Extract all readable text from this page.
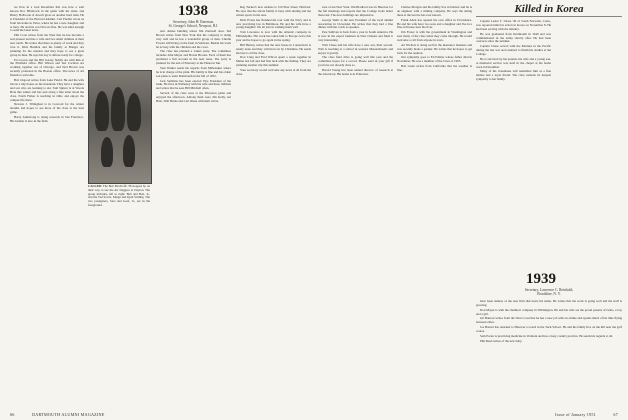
we flew in a load December this was how a well known Doc Hitchcock in the game with his sister, and Henry Holbrook of Atwell gives us another hard item. He is President of the Harvard Alumni. Carl Fiedler wrote us from his home in Tulsa, where he has a new daughter and is busy. He and his son Ned are fine. He was kind enough to send the latest news.

Phil Coon writes from the West that he has become a real pioneer and has a wife and two small children at their new ranch. He writes that there is plenty of work and they love it. Dick Burdick and his family at Bangor are planning for the reunion and they hope to see a great group in June. He says his boy is almost ready for college.

Ed Cowen and the Bill Garrey family are with him at the Pittsfield office. Bill Wilson and Ted Cochran are working together out of Chicago, and Ned Brown was recently promoted in the Boston office. The news of old friends is welcome.

Bob Osgood writes from Lake Placid. He and his wife live in a tiny house on the mountain. They have a daughter and son who are learning to ski. Tom Spitzer is at Woods Hole this winter and has sent along a fine letter about the class. Norm Fisher is teaching in Ohio and enjoys the campus life there.

Newton J. Tillinghast is in Concord for the winter months and hopes to see more of the class at the next game.

Harry Armstrong is doing research in San Francisco. His brother is also in the field.

1938
Secretary, John H. Emerson,
St. George's School, Newport, R.I.
CALLED: The Bob Barchoffs '38 stopped by on their way to see the Air Daggers at Dayton. The group includes, left to right: Bob and Bob, Jr., and the Tad Scotts, Marge and Kjell Stirling. The two youngsters, Sara and Geof, Jr., are in the foreground.

new deluxe building where Jim Zantwell does. Ted Brown writes from New York that his company is doing very well and he has a wonderful group of men. Charlie Fowler still living on the farm in Vermont. Beside his work he is busy with the children and the cows.

The class has planned a winter party. The committee includes John Meyer and Howie Brooks. Each of them has promised a full account in the next issue. The party is planned for the end of February at the Hanover Inn.

Stan Walker sends his regards from Milwaukee where he is in charge of the plant. His family is fine and his oldest son plans to enter Dartmouth in the fall of 1952.

Jack Stebbins has been elected Vice President of the bank. He lives in Wellesley with his wife and three children and writes that he sees Bill Mitchell often.

Several of the class were at the Princeton game and enjoyed the afternoon. Among them were Jim Kelly, Art Hale, Walt Burns and Carl Olsen with their wives.

Reg Tucker's new address is 310 Pine Street, Hartford. He says that the whole family is busy with skating and the winter sports in the area.

Dick Evans has finished his tour with the Navy and is now practicing law in Baltimore. He and his wife have a young daughter. We all join in wishing them well.

Tom Lawrence is now with the Atlantic company in Philadelphia. His work has taken him to Europe twice this year and he hopes to go again in the spring.

Bill Hartley writes that the new house in Connecticut is nearly done and they will move in by Christmas. He sends his best to all the class.

Don Craig and Fred Wilcox spent a week together in Maine last fall and had fine luck with the fishing. They are planning another trip this summer.

Your secretary would welcome any news at all from the class.

sure of ten New York. Jim Bradford was in Hanover for the fall meetings and reports that the College looks better than ever. The new buildings are impressive.

George Wells is the new President of the local alumni association in Cleveland. He writes that they had a fine dinner with the coach as speaker.

Pete Sullivan is back from a year in South America. He is now in the export business in New Orleans and finds it very interesting.

Walt Chase and his wife have a new son, their second. Walt is teaching at a school in western Massachusetts and enjoys it greatly.

The class fund drive is going well this year and the committee hopes for a record. Please send in your gift if you have not already done so.

Harold Young has been named director of research at the laboratory. His home is in Princeton.

Charles Morgan and his family live in Denver and he is an engineer with a mining company. He says the skiing there is the best he has ever known.

Frank Allen has opened his own office in Providence. He and his wife have two sons and a daughter and live in a fine old house near the river.

Jim Foster is with the government in Washington and sees many of the class when they come through. He would welcome a call from anyone in town.

Art Nichols is doing well in the insurance business and was recently made a partner. He writes that he hopes to get back for the reunion.

Our sympathy goes to Ed Palmer whose father died in November. He was a member of the Class of 1905.

Bob Grant writes from California that the weather is fine.

Killed in Korea

Captain Lester T. Chase '49 of South Norwalk, Conn., was reported killed in action in Korea on November 8. He had been serving with the infantry.

He was graduated from Dartmouth in 1949 and was commissioned in the Army shortly after. He had been overseas since the summer.

Captain Chase served with the Marines in the Pacific during the last war and returned to finish his studies at the College.

He is survived by his parents, his wife and a young son. A memorial service was held in the chapel at his home town in December.

Many of his classmates will remember him as a fine athlete and a loyal friend. The class extends its deepest sympathy to his family.

1939
Secretary, Lawrence C. Reinhold,
Brookline, N. Y.

have been named, of the new firm that bears his name. He writes that the work is going well and the staff is growing.

Don Mayer is with the chemical company in Wilmington. He and his wife are the proud parents of twins, a boy and a girl.

Gil Hanson writes from the West Coast that he has a new job with an airline and spends much of his time flying between cities.

Joe Barrett has returned to Hanover to teach in the Tuck School. He and his family live on the hill near the golf course.

Sam Porter is practicing medicine in Vermont and has a busy country practice. He sends his regards to all.

Phil Reed writes of the new baby.

66	DARTMOUTH ALUMNI MAGAZINE	Issue of January 1951	67
